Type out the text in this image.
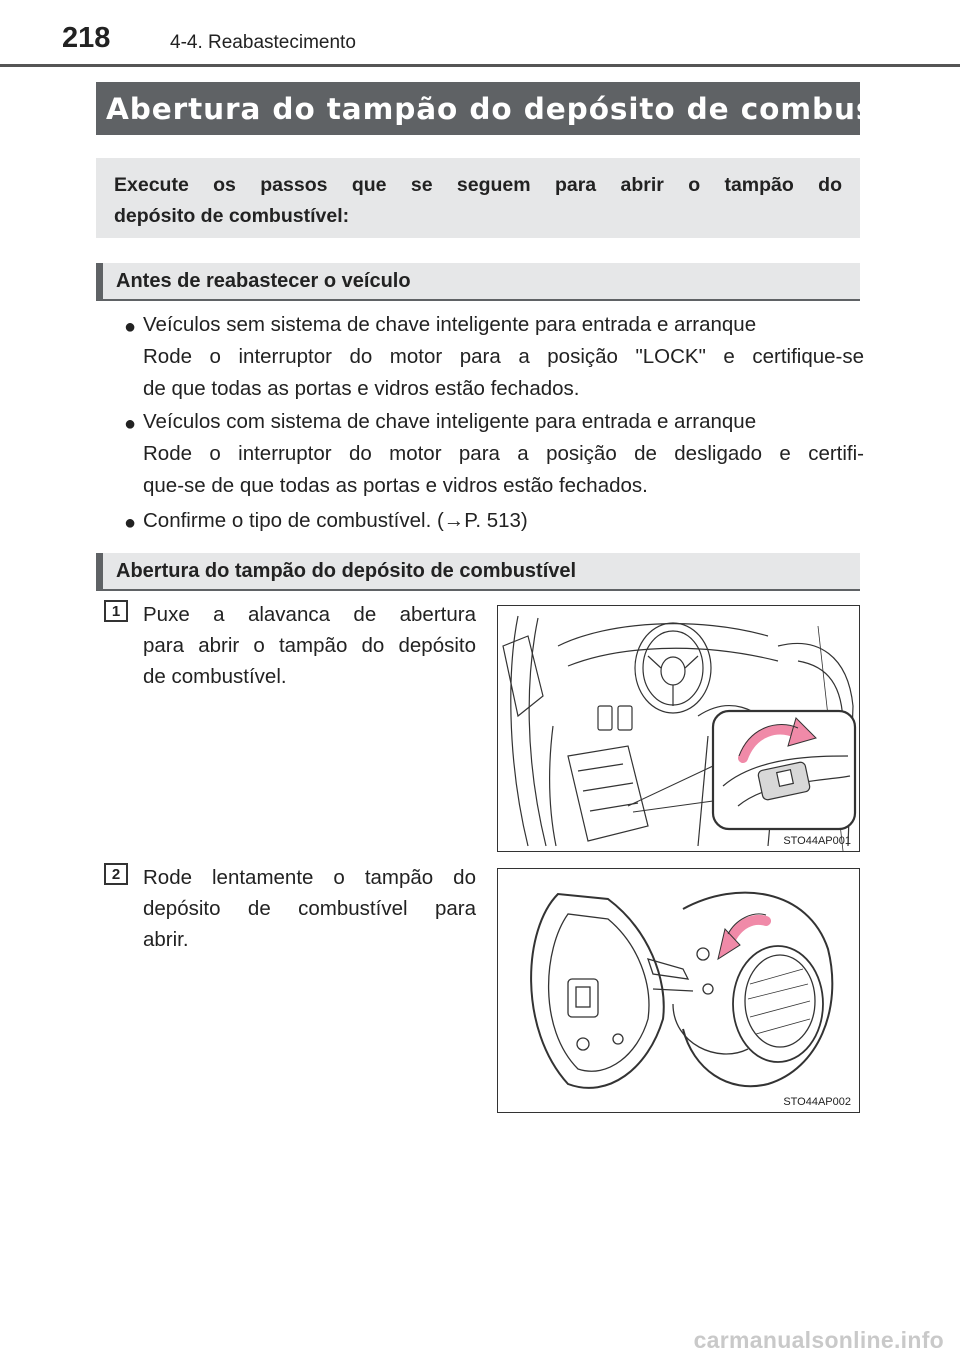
218	4-4. Reabastecimento
Abertura do tampão do depósito de combustível
Execute os passos que se seguem para abrir o tampão do
depósito de combustível:
Antes de reabastecer o veículo
● Veículos sem sistema de chave inteligente para entrada e arranque
Rode o interruptor do motor para a posição "LOCK" e certifique-se
de que todas as portas e vidros estão fechados.
● Veículos com sistema de chave inteligente para entrada e arranque
Rode o interruptor do motor para a posição de desligado e certifi-
que-se de que todas as portas e vidros estão fechados.
● Confirme o tipo de combustível. (→P. 513)
Abertura do tampão do depósito de combustível
1	Puxe a alavanca de abertura
para abrir o tampão do depósito
de combustível.
STO44AP001
2	Rode lentamente o tampão do
depósito de combustível para
abrir.
STO44AP002
carmanualsonline.info
